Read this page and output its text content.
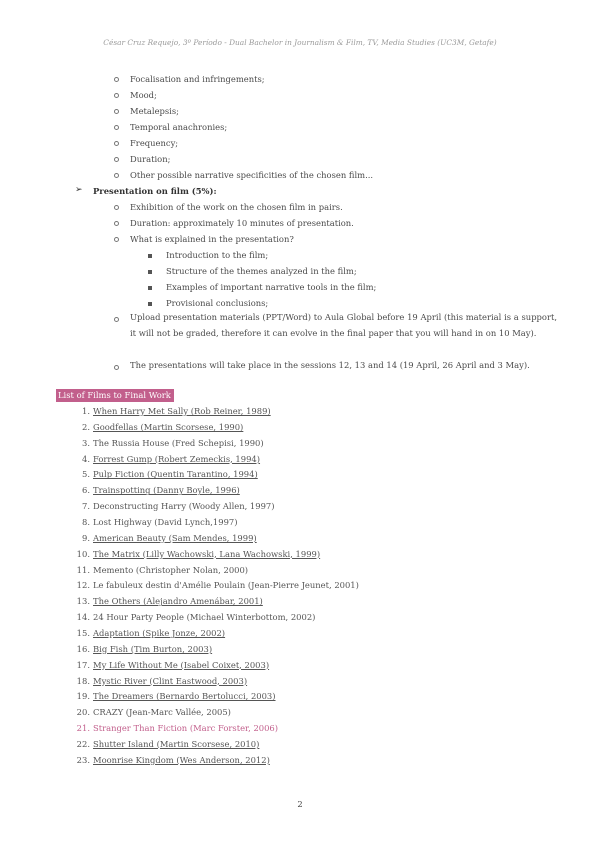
César Cruz Requejo, 3º Período - Dual Bachelor in Journalism & Film, TV, Media Studies (UC3M, Getafe)
Focalisation and infringements;
Mood;
Metalepsis;
Temporal anachronies;
Frequency;
Duration;
Other possible narrative specificities of the chosen film...
➢ Presentation on film (5%):
Exhibition of the work on the chosen film in pairs.
Duration: approximately 10 minutes of presentation.
What is explained in the presentation?
Introduction to the film;
Structure of the themes analyzed in the film;
Examples of important narrative tools in the film;
Provisional conclusions;
Upload presentation materials (PPT/Word) to Aula Global before 19 April (this material is a support, it will not be graded, therefore it can evolve in the final paper that you will hand in on 10 May).
The presentations will take place in the sessions 12, 13 and 14 (19 April, 26 April and 3 May).
List of Films to Final Work
1. When Harry Met Sally (Rob Reiner, 1989)
2. Goodfellas (Martin Scorsese, 1990)
3. The Russia House (Fred Schepisi, 1990)
4. Forrest Gump (Robert Zemeckis, 1994)
5. Pulp Fiction (Quentin Tarantino, 1994)
6. Trainspotting (Danny Boyle, 1996)
7. Deconstructing Harry (Woody Allen, 1997)
8. Lost Highway (David Lynch,1997)
9. American Beauty (Sam Mendes, 1999)
10. The Matrix (Lilly Wachowski, Lana Wachowski, 1999)
11. Memento (Christopher Nolan, 2000)
12. Le fabuleux destin d'Amélie Poulain (Jean-Pierre Jeunet, 2001)
13. The Others (Alejandro Amenábar, 2001)
14. 24 Hour Party People (Michael Winterbottom, 2002)
15. Adaptation (Spike Jonze, 2002)
16. Big Fish (Tim Burton, 2003)
17. My Life Without Me (Isabel Coixet, 2003)
18. Mystic River (Clint Eastwood, 2003)
19. The Dreamers (Bernardo Bertolucci, 2003)
20. CRAZY (Jean-Marc Vallée, 2005)
21. Stranger Than Fiction (Marc Forster, 2006)
22. Shutter Island (Martin Scorsese, 2010)
23. Moonrise Kingdom (Wes Anderson, 2012)
2
